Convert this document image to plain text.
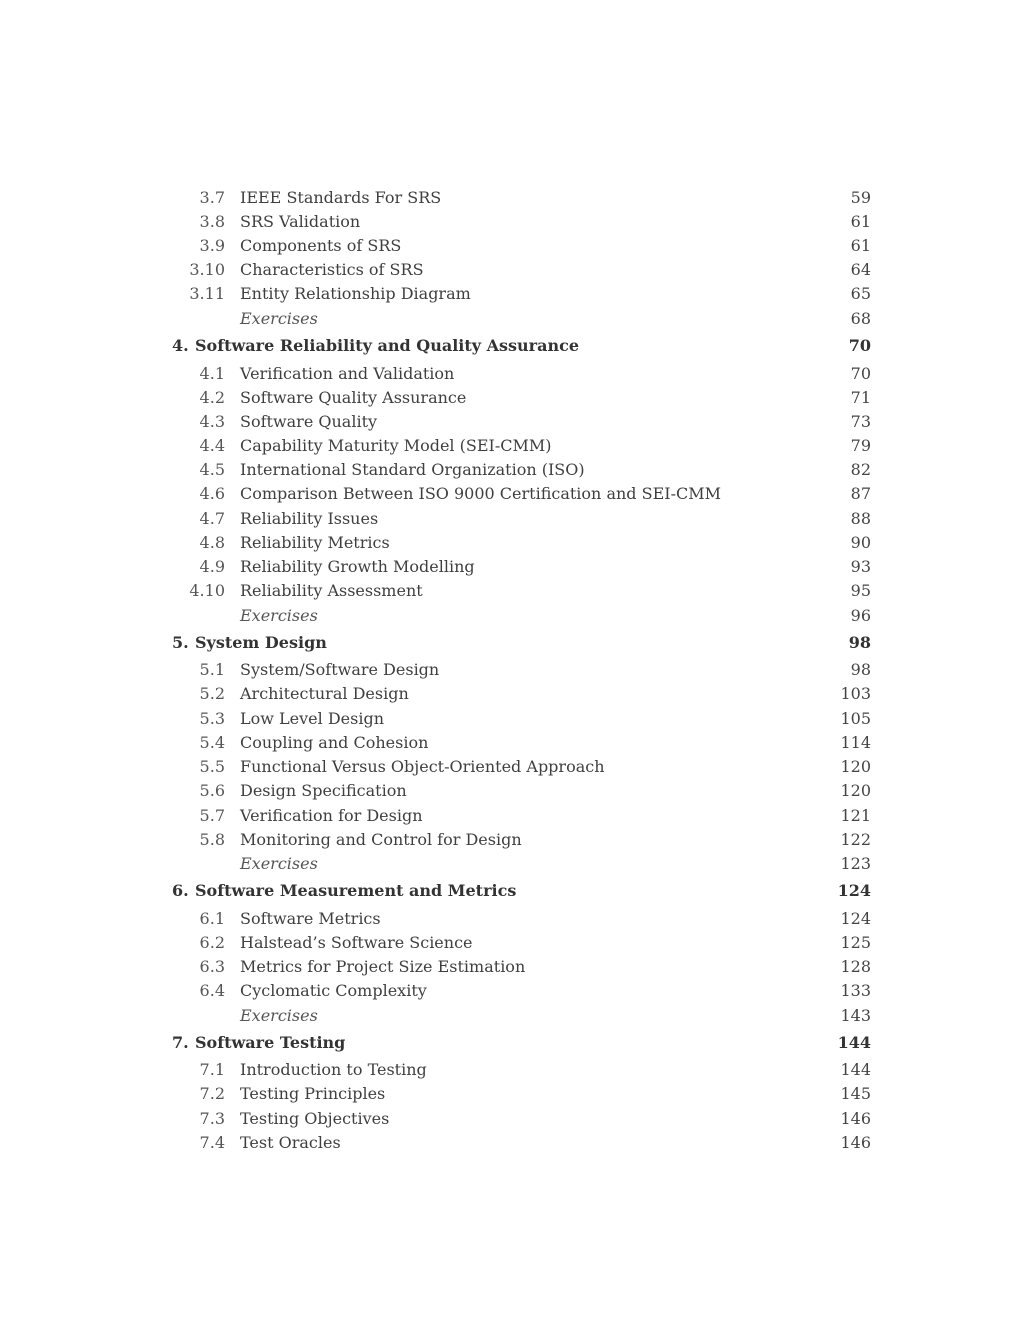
3.7 IEEE Standards For SRS	59
3.8 SRS Validation	61
3.9 Components of SRS	61
3.10 Characteristics of SRS	64
3.11 Entity Relationship Diagram	65
Exercises	68
4. Software Reliability and Quality Assurance	70
4.1 Verification and Validation	70
4.2 Software Quality Assurance	71
4.3 Software Quality	73
4.4 Capability Maturity Model (SEI-CMM)	79
4.5 International Standard Organization (ISO)	82
4.6 Comparison Between ISO 9000 Certification and SEI-CMM	87
4.7 Reliability Issues	88
4.8 Reliability Metrics	90
4.9 Reliability Growth Modelling	93
4.10 Reliability Assessment	95
Exercises	96
5. System Design	98
5.1 System/Software Design	98
5.2 Architectural Design	103
5.3 Low Level Design	105
5.4 Coupling and Cohesion	114
5.5 Functional Versus Object-Oriented Approach	120
5.6 Design Specification	120
5.7 Verification for Design	121
5.8 Monitoring and Control for Design	122
Exercises	123
6. Software Measurement and Metrics	124
6.1 Software Metrics	124
6.2 Halstead’s Software Science	125
6.3 Metrics for Project Size Estimation	128
6.4 Cyclomatic Complexity	133
Exercises	143
7. Software Testing	144
7.1 Introduction to Testing	144
7.2 Testing Principles	145
7.3 Testing Objectives	146
7.4 Test Oracles	146
